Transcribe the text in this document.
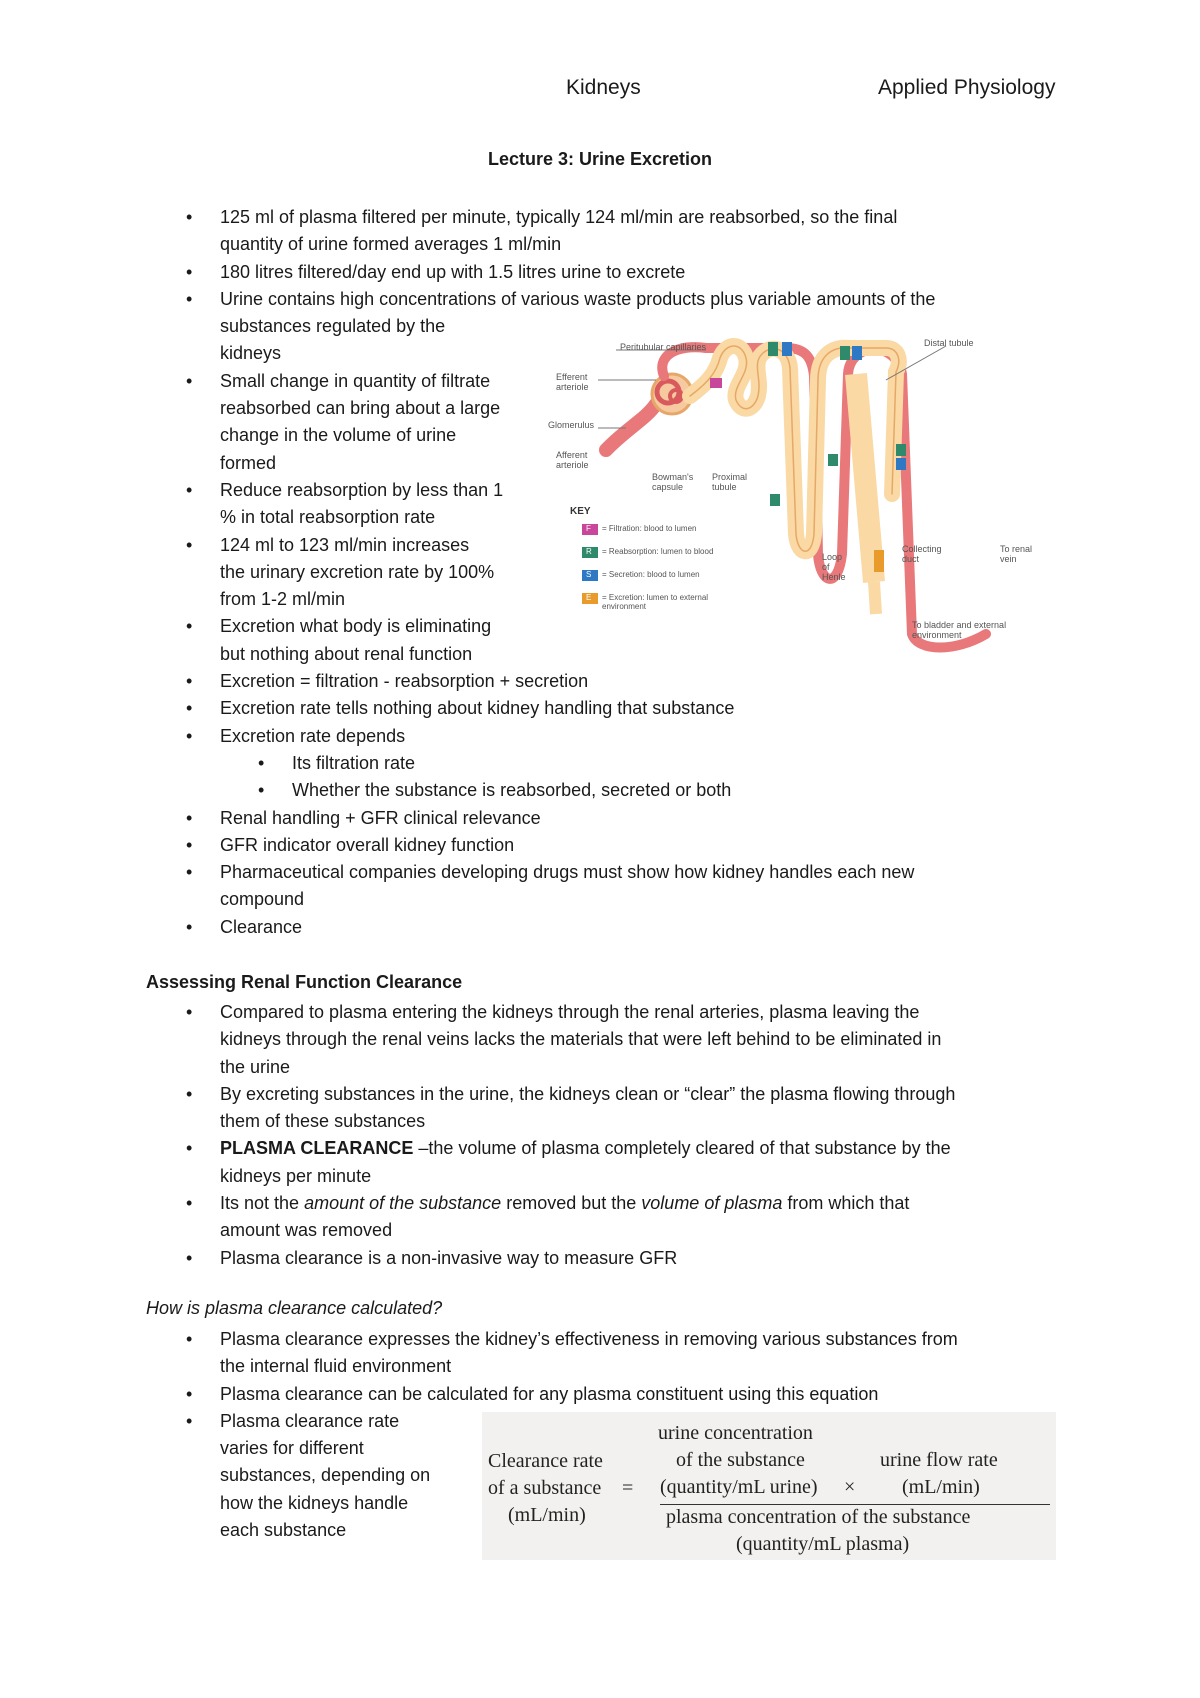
Kidneys	Applied Physiology
Lecture 3: Urine Excretion
• 125 ml of plasma filtered per minute, typically 124 ml/min are reabsorbed, so the final
quantity of urine formed averages 1 ml/min
• 180 litres filtered/day end up with 1.5 litres urine to excrete
• Urine contains high concentrations of various waste products plus variable amounts of the
substances regulated by the
kidneys
• Small change in quantity of filtrate
reabsorbed can bring about a large
change in the volume of urine
formed
• Reduce reabsorption by less than 1
% in total reabsorption rate
• 124 ml to 123 ml/min increases
the urinary excretion rate by 100%
from 1-2 ml/min
• Excretion what body is eliminating
but nothing about renal function
• Excretion = filtration - reabsorption + secretion
• Excretion rate tells nothing about kidney handling that substance
• Excretion rate depends
• Its filtration rate
• Whether the substance is reabsorbed, secreted or both
• Renal handling + GFR clinical relevance
• GFR indicator overall kidney function
• Pharmaceutical companies developing drugs must show how kidney handles each new
compound
• Clearance
Peritubular capillaries	Distal tubule
Efferent arteriole
Glomerulus
Afferent arteriole
Bowman's capsule
Proximal tubule
Loop of Henle
Collecting duct
To renal vein
To bladder and external environment
KEY
= Filtration: blood to lumen
= Reabsorption: lumen to blood
= Secretion: blood to lumen
= Excretion: lumen to external environment
F
R
S
E
Assessing Renal Function Clearance
• Compared to plasma entering the kidneys through the renal arteries, plasma leaving the
kidneys through the renal veins lacks the materials that were left behind to be eliminated in
the urine
• By excreting substances in the urine, the kidneys clean or “clear” the plasma flowing through
them of these substances
• PLASMA CLEARANCE –the volume of plasma completely cleared of that substance by the
kidneys per minute
• Its not the amount of the substance removed but the volume of plasma from which that
amount was removed
• Plasma clearance is a non-invasive way to measure GFR
How is plasma clearance calculated?
• Plasma clearance expresses the kidney’s effectiveness in removing various substances from
the internal fluid environment
• Plasma clearance can be calculated for any plasma constituent using this equation
• Plasma clearance rate
varies for different
substances, depending on
how the kidneys handle
each substance
Clearance rate
of a substance
(mL/min)
=
urine concentration
of the substance
(quantity/mL urine) ×
urine flow rate
(mL/min)
plasma concentration of the substance
(quantity/mL plasma)
